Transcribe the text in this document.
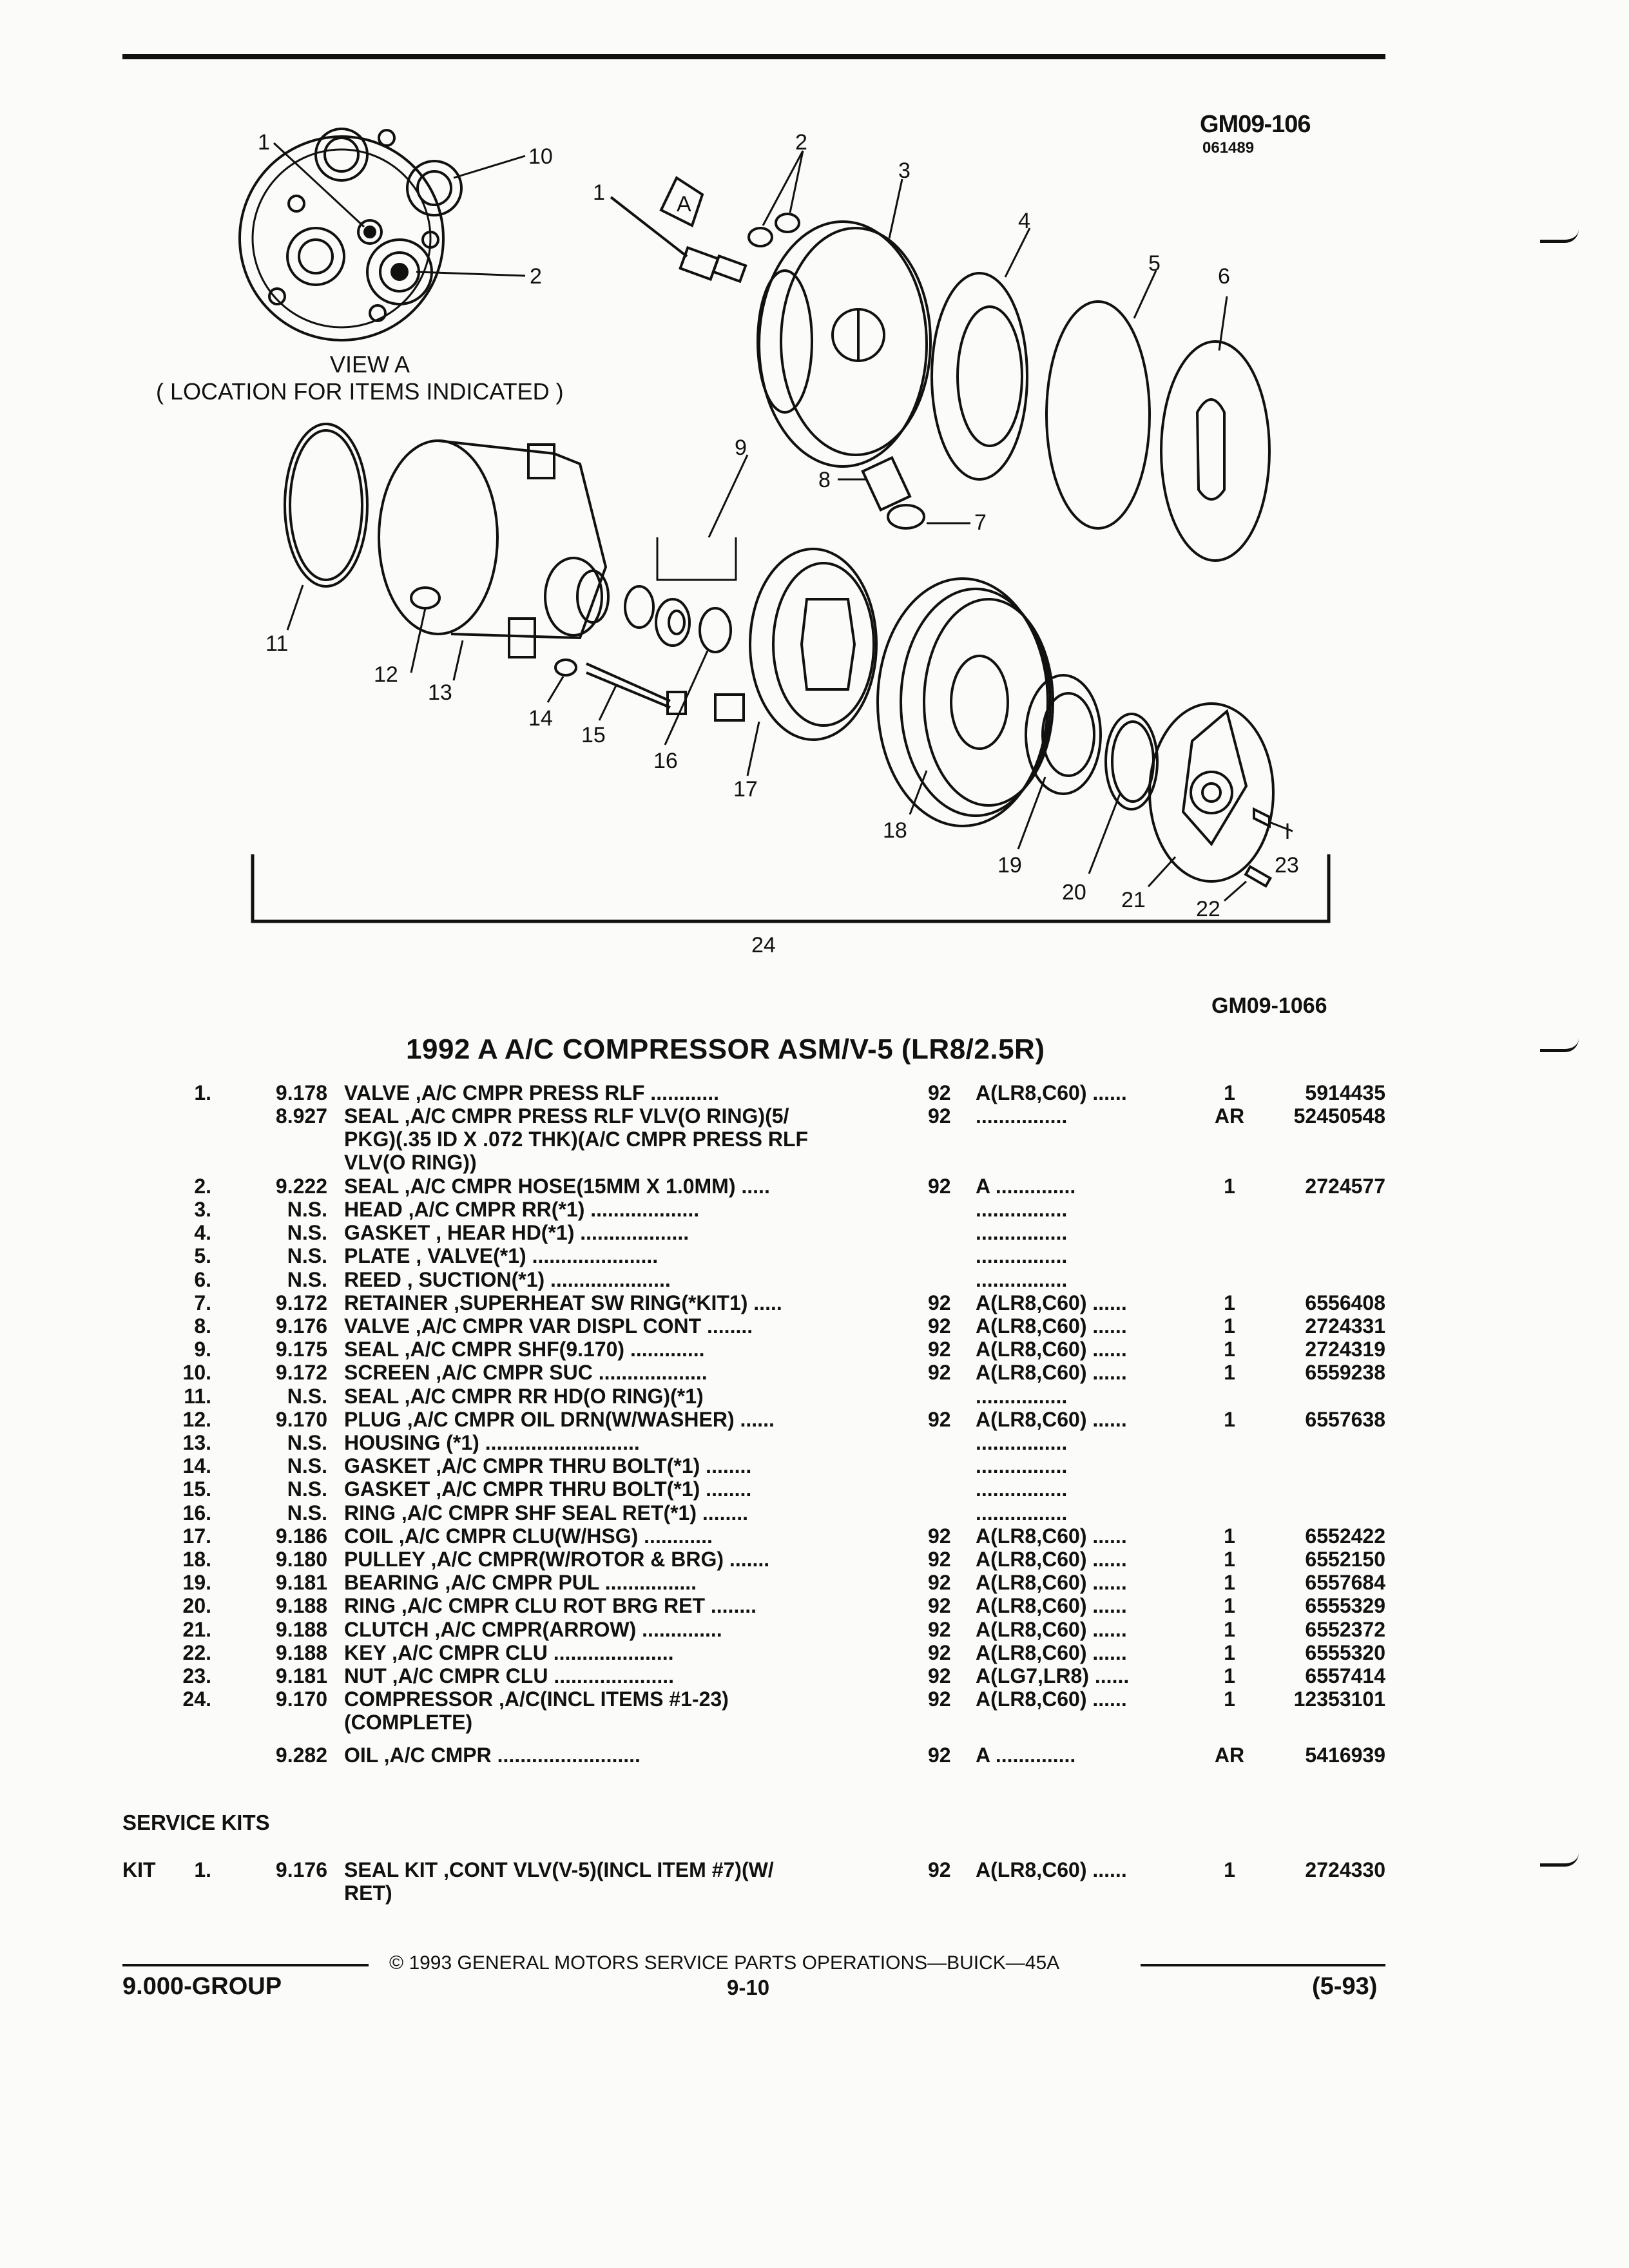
GM09-106
061489
1
10
2
VIEW A
( LOCATION FOR ITEMS INDICATED )
A
1
2
3
4
5
6
7
8
9
11
12
13
14
15
16
17
18
19
20 21
23
22
24
GM09-1066
1992 A A/C COMPRESSOR ASM/V-5 (LR8/2.5R)
1.	9.178 VALVE ,A/C CMPR PRESS RLF ............	92 A(LR8,C60) ......	1	5914435
8.927 SEAL ,A/C CMPR PRESS RLF VLV(O RING)(5/
PKG)(.35 ID X .072 THK)(A/C CMPR PRESS RLF
VLV(O RING))
92 ................	AR	52450548
2.	9.222 SEAL ,A/C CMPR HOSE(15MM X 1.0MM) .....	92 A ..............	1	2724577
3.	N.S. HEAD ,A/C CMPR RR(*1) ...................	................
4.	N.S. GASKET , HEAR HD(*1) ...................	................
5.	N.S. PLATE , VALVE(*1) ......................	................
6.	N.S. REED , SUCTION(*1) .....................	................
7.	9.172 RETAINER ,SUPERHEAT SW RING(*KIT1) .....	92 A(LR8,C60) ......	1	6556408
8.	9.176 VALVE ,A/C CMPR VAR DISPL CONT ........	92 A(LR8,C60) ......	1	2724331
9.	9.175 SEAL ,A/C CMPR SHF(9.170) .............	92 A(LR8,C60) ......	1	2724319
10.	9.172 SCREEN ,A/C CMPR SUC ...................	92 A(LR8,C60) ......	1	6559238
11.	N.S. SEAL ,A/C CMPR RR HD(O RING)(*1)	................
12.	9.170 PLUG ,A/C CMPR OIL DRN(W/WASHER) ......	92 A(LR8,C60) ......	1	6557638
13.	N.S. HOUSING (*1) ...........................	................
14.	N.S. GASKET ,A/C CMPR THRU BOLT(*1) ........	................
15.	N.S. GASKET ,A/C CMPR THRU BOLT(*1) ........	................
16.	N.S. RING ,A/C CMPR SHF SEAL RET(*1) ........	................
17.	9.186 COIL ,A/C CMPR CLU(W/HSG) ............	92 A(LR8,C60) ......	1	6552422
18.	9.180 PULLEY ,A/C CMPR(W/ROTOR & BRG) .......	92 A(LR8,C60) ......	1	6552150
19.	9.181 BEARING ,A/C CMPR PUL ................	92 A(LR8,C60) ......	1	6557684
20.	9.188 RING ,A/C CMPR CLU ROT BRG RET ........	92 A(LR8,C60) ......	1	6555329
21.	9.188 CLUTCH ,A/C CMPR(ARROW) ..............	92 A(LR8,C60) ......	1	6552372
22.	9.188 KEY ,A/C CMPR CLU .....................	92 A(LR8,C60) ......	1	6555320
23.	9.181 NUT ,A/C CMPR CLU .....................	92 A(LG7,LR8) ......	1	6557414
24.	9.170 COMPRESSOR ,A/C(INCL ITEMS #1-23)
(COMPLETE)
92 A(LR8,C60) ......	1	12353101
9.282 OIL ,A/C CMPR .........................	92 A ..............	AR	5416939
SERVICE KITS
KIT	1.	9.176 SEAL KIT ,CONT VLV(V-5)(INCL ITEM #7)(W/
RET)
92 A(LR8,C60) ......	1	2724330
© 1993 GENERAL MOTORS SERVICE PARTS OPERATIONS—BUICK—45A
9.000-GROUP	9-10	(5-93)
